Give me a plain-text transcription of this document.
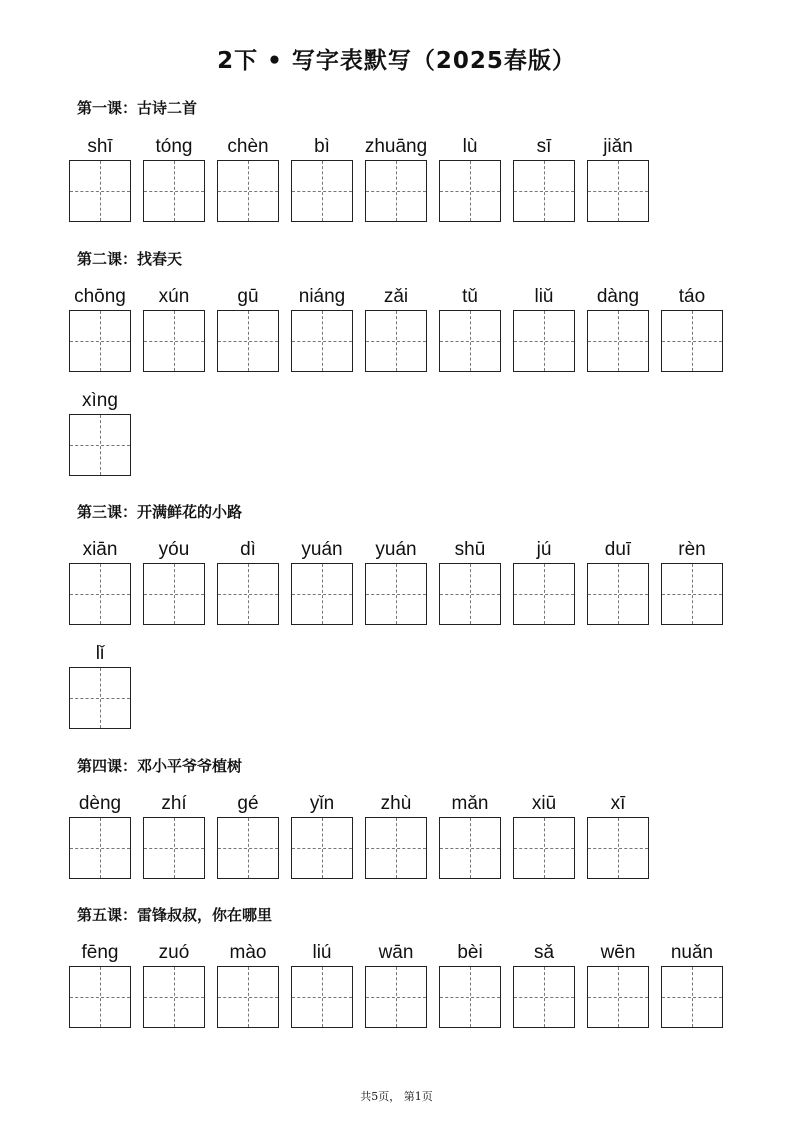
2下 • 写字表默写（2025春版）
第一课：古诗二首
shī	tóng	chèn	bì	zhuāng	lù	sī	jiǎn
第二课：找春天
chōng	xún	gū	niáng	zǎi	tǔ	liǔ	dàng	táo
xìng
第三课：开满鲜花的小路
xiān	yóu	dì	yuán	yuán	shū	jú	duī	rèn
lǐ
第四课：邓小平爷爷植树
dèng	zhí	gé	yǐn	zhù	mǎn	xiū	xī
第五课：雷锋叔叔，你在哪里
fēng	zuó	mào	liú	wān	bèi	sǎ	wēn	nuǎn
共5页， 第1页
